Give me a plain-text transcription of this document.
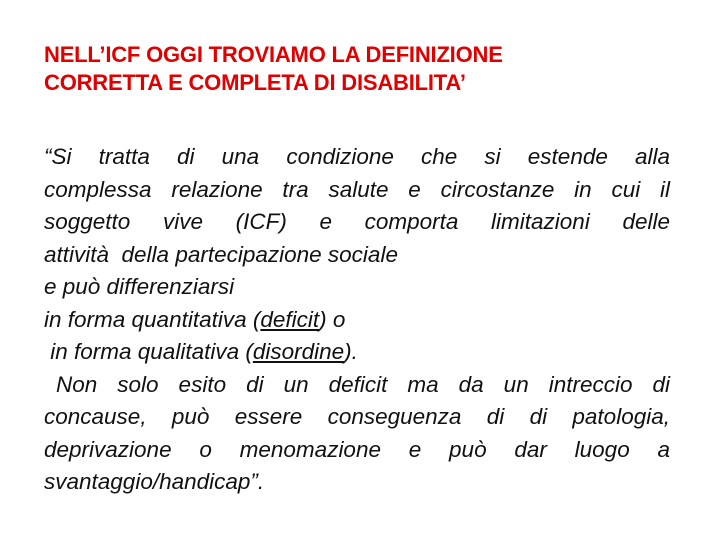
NELL’ICF OGGI TROVIAMO LA DEFINIZIONE
CORRETTA E COMPLETA DI DISABILITA’
“Si tratta di una condizione che si estende alla
complessa relazione tra salute e circostanze in cui il
soggetto vive (ICF) e comporta limitazioni delle
attività  della partecipazione sociale
e può differenziarsi
in forma quantitativa (deficit) o
in forma qualitativa (disordine).
Non solo esito di un deficit ma da un intreccio di
concause, può essere conseguenza di di patologia,
deprivazione o menomazione e può dar luogo a
svantaggio/handicap”.
